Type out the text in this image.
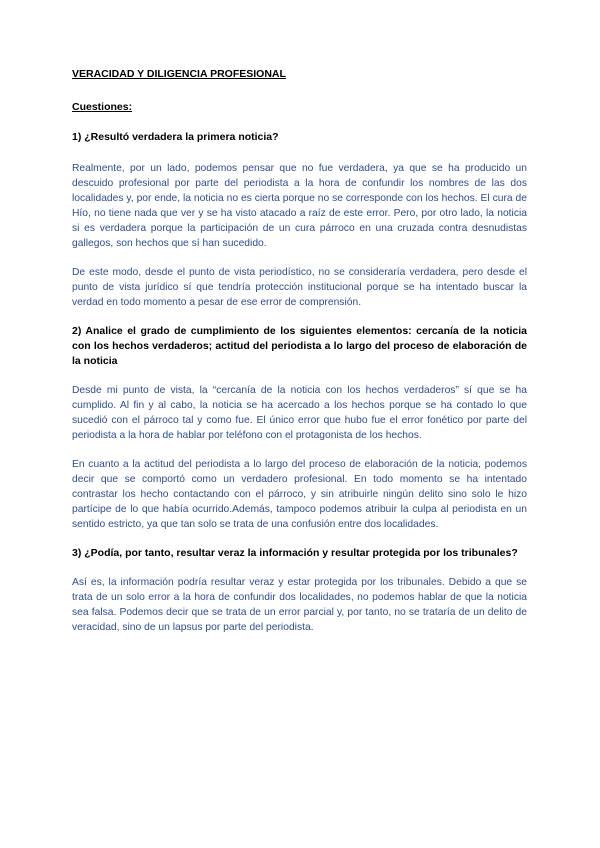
VERACIDAD Y DILIGENCIA PROFESIONAL

Cuestiones:

1) ¿Resultó verdadera la primera noticia?

Realmente, por un lado, podemos pensar que no fue verdadera, ya que se ha producido un descuido profesional por parte del periodista a la hora de confundir los nombres de las dos localidades y, por ende, la noticia no es cierta porque no se corresponde con los hechos. El cura de Hío, no tiene nada que ver y se ha visto atacado a raíz de este error. Pero, por otro lado, la noticia si es verdadera porque la participación de un cura párroco en una cruzada contra desnudistas gallegos, son hechos que sí han sucedido.

De este modo, desde el punto de vista periodístico, no se consideraría verdadera, pero desde el punto de vista jurídico sí que tendría protección institucional porque se ha intentado buscar la verdad en todo momento a pesar de ese error de comprensión.

2) Analice el grado de cumplimiento de los siguientes elementos: cercanía de la noticia con los hechos verdaderos; actitud del periodista a lo largo del proceso de elaboración de la noticia

Desde mi punto de vista, la “cercanía de la noticia con los hechos verdaderos” sí que se ha cumplido. Al fin y al cabo, la noticia se ha acercado a los hechos porque se ha contado lo que sucedió con el párroco tal y como fue. El único error que hubo fue el error fonético por parte del periodista a la hora de hablar por teléfono con el protagonista de los hechos.

En cuanto a la actitud del periodista a lo largo del proceso de elaboración de la noticia, podemos decir que se comportó como un verdadero profesional. En todo momento se ha intentado contrastar los hecho contactando con el párroco, y sin atribuirle ningún delito sino solo le hizo partícipe de lo que había ocurrido.Además, tampoco podemos atribuir la culpa al periodista en un sentido estricto, ya que tan solo se trata de una confusión entre dos localidades.

3) ¿Podía, por tanto, resultar veraz la información y resultar protegida por los tribunales?

Así es, la información podría resultar veraz y estar protegida por los tribunales. Debido a que se trata de un solo error a la hora de confundir dos localidades, no podemos hablar de que la noticia sea falsa. Podemos decir que se trata de un error parcial y, por tanto, no se trataría de un delito de veracidad, sino de un lapsus por parte del periodista.
